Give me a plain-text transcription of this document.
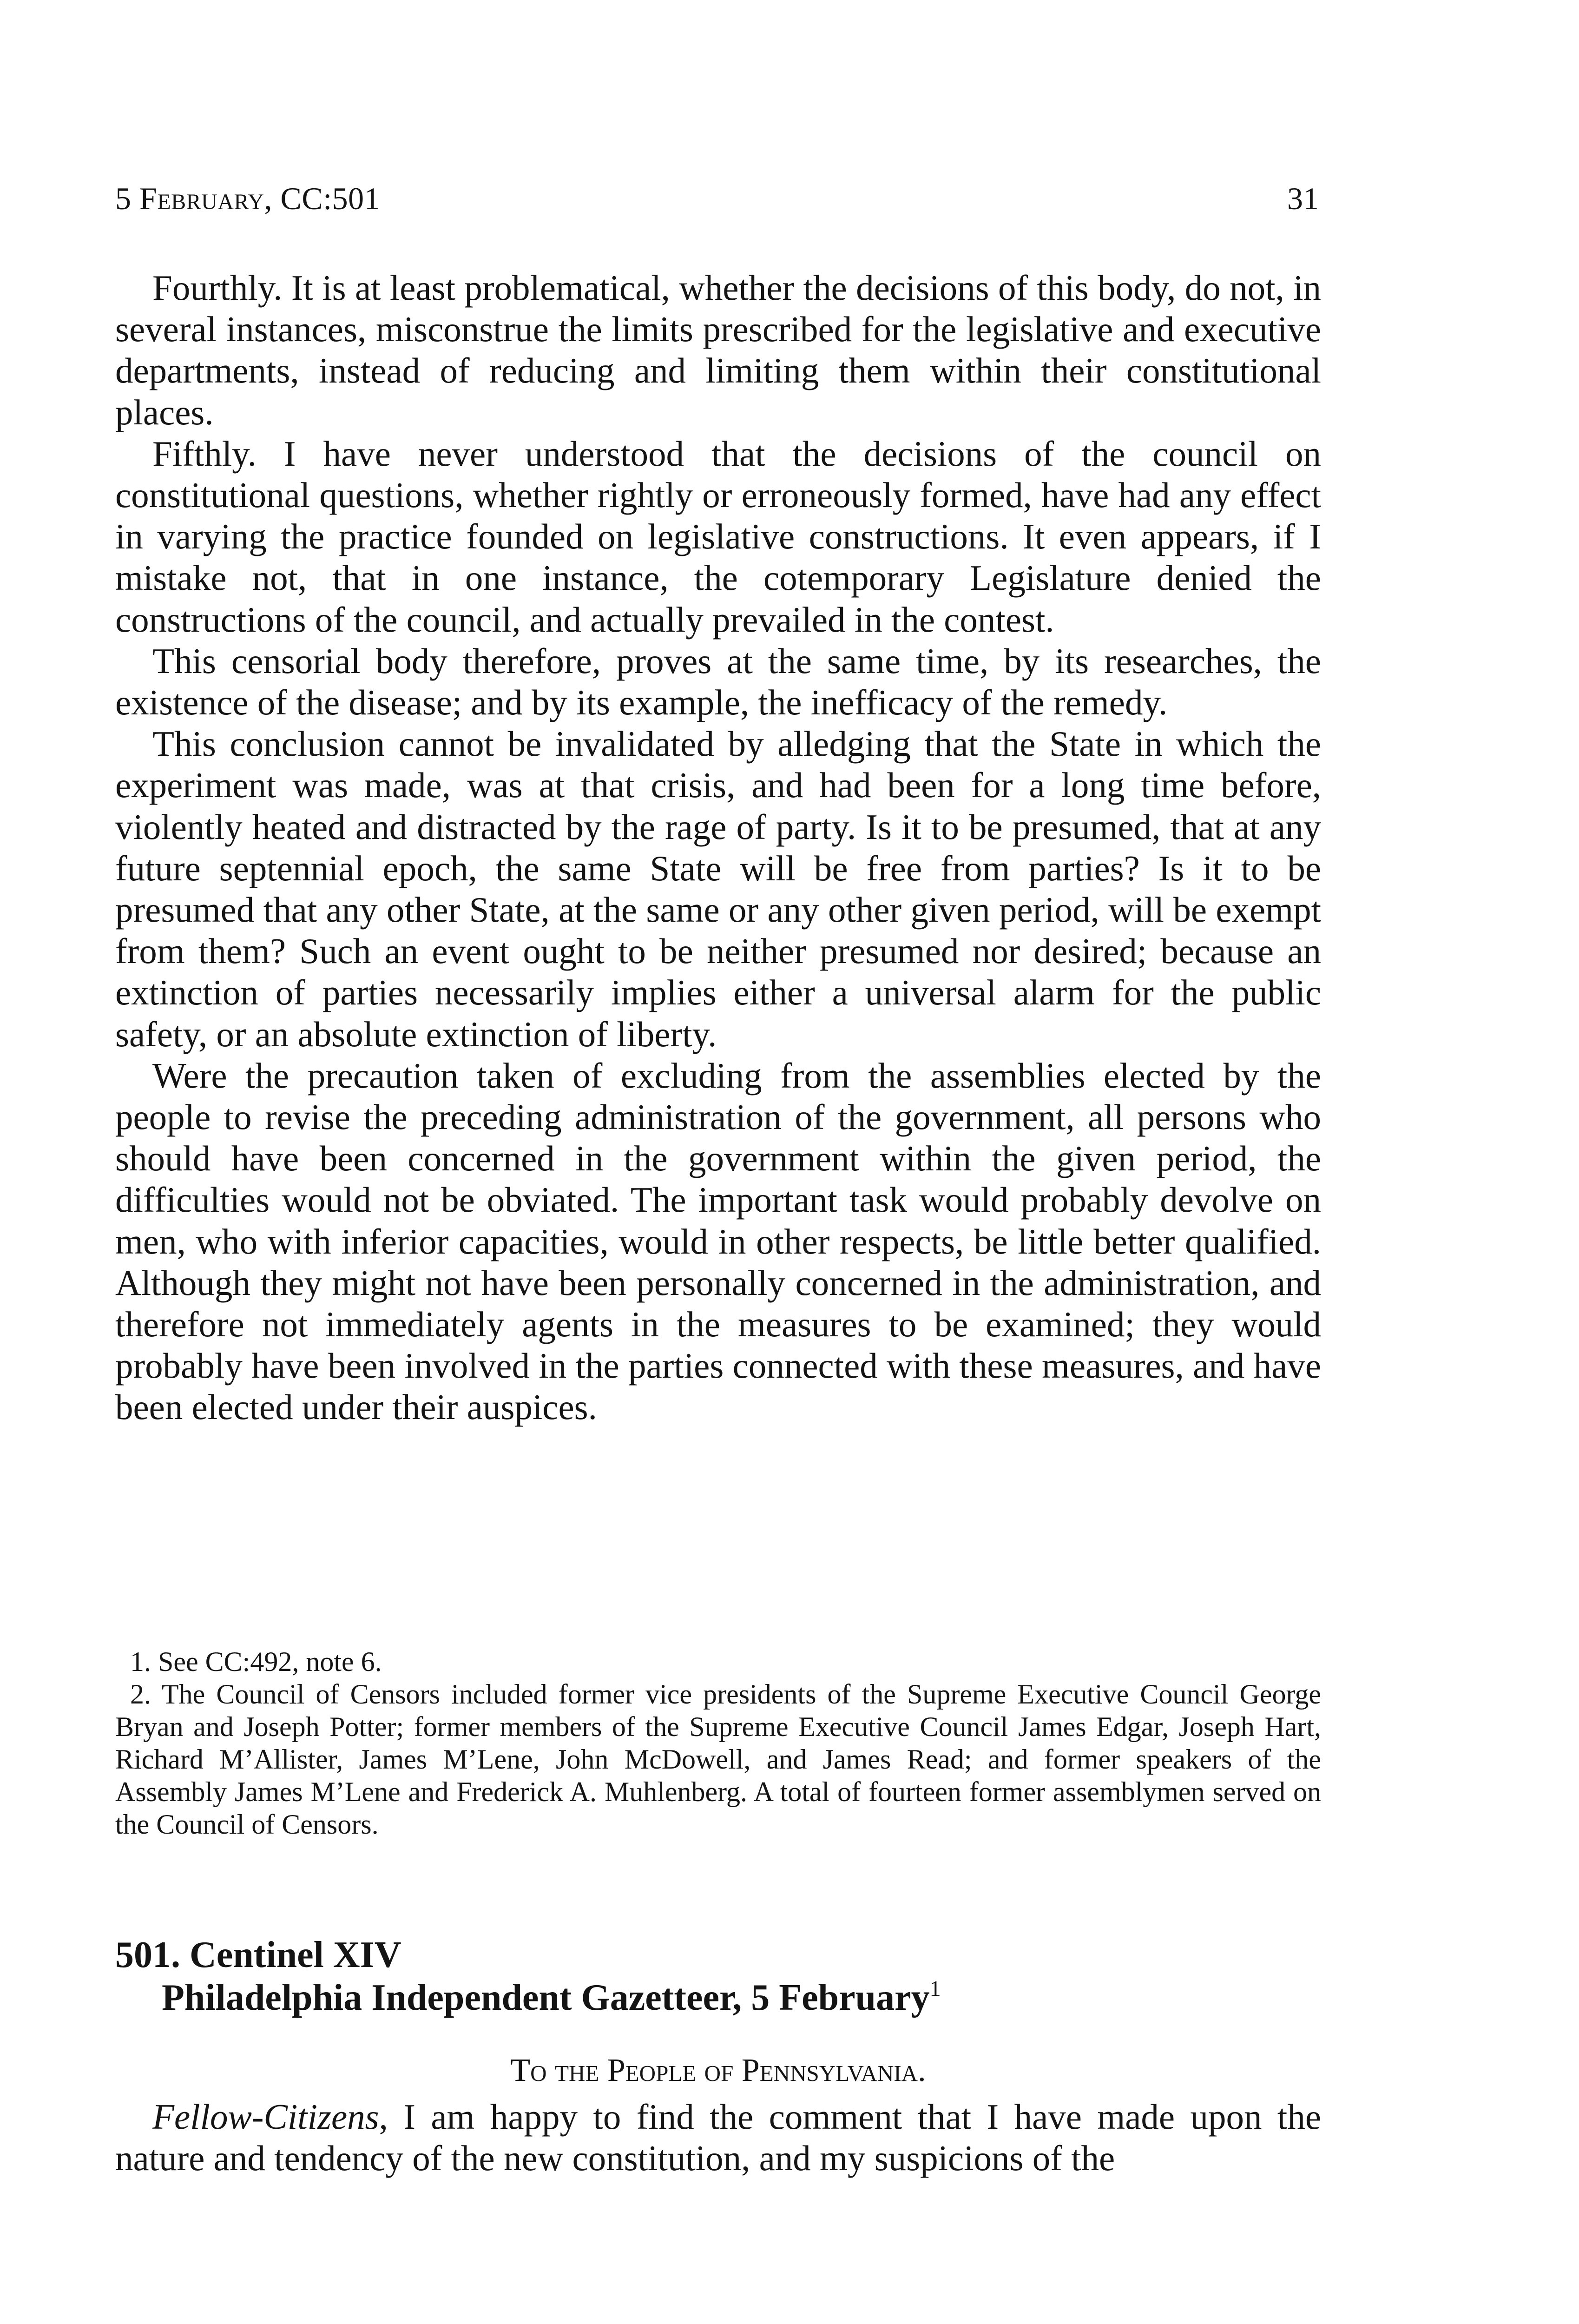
5 February, CC:501	31

Fourthly. It is at least problematical, whether the decisions of this body, do not, in several instances, misconstrue the limits prescribed for the legislative and executive departments, instead of reducing and limiting them within their constitutional places.

Fifthly. I have never understood that the decisions of the council on constitutional questions, whether rightly or erroneously formed, have had any effect in varying the practice founded on legislative constructions. It even appears, if I mistake not, that in one instance, the cotemporary Legislature denied the constructions of the council, and actually prevailed in the contest.

This censorial body therefore, proves at the same time, by its researches, the existence of the disease; and by its example, the inefficacy of the remedy.

This conclusion cannot be invalidated by alledging that the State in which the experiment was made, was at that crisis, and had been for a long time before, violently heated and distracted by the rage of party. Is it to be presumed, that at any future septennial epoch, the same State will be free from parties? Is it to be presumed that any other State, at the same or any other given period, will be exempt from them? Such an event ought to be neither presumed nor desired; because an extinction of parties necessarily implies either a universal alarm for the public safety, or an absolute extinction of liberty.

Were the precaution taken of excluding from the assemblies elected by the people to revise the preceding administration of the government, all persons who should have been concerned in the government within the given period, the difficulties would not be obviated. The important task would probably devolve on men, who with inferior capacities, would in other respects, be little better qualified. Although they might not have been personally concerned in the administration, and therefore not immediately agents in the measures to be examined; they would probably have been involved in the parties connected with these measures, and have been elected under their auspices.

1. See CC:492, note 6.

2. The Council of Censors included former vice presidents of the Supreme Executive Council George Bryan and Joseph Potter; former members of the Supreme Executive Council James Edgar, Joseph Hart, Richard M’Allister, James M’Lene, John McDowell, and James Read; and former speakers of the Assembly James M’Lene and Frederick A. Muhlenberg. A total of fourteen former assemblymen served on the Council of Censors.

501. Centinel XIV
Philadelphia Independent Gazetteer, 5 February$^1$
To the People of Pennsylvania.

Fellow-Citizens, I am happy to find the comment that I have made upon the nature and tendency of the new constitution, and my suspicions of the
